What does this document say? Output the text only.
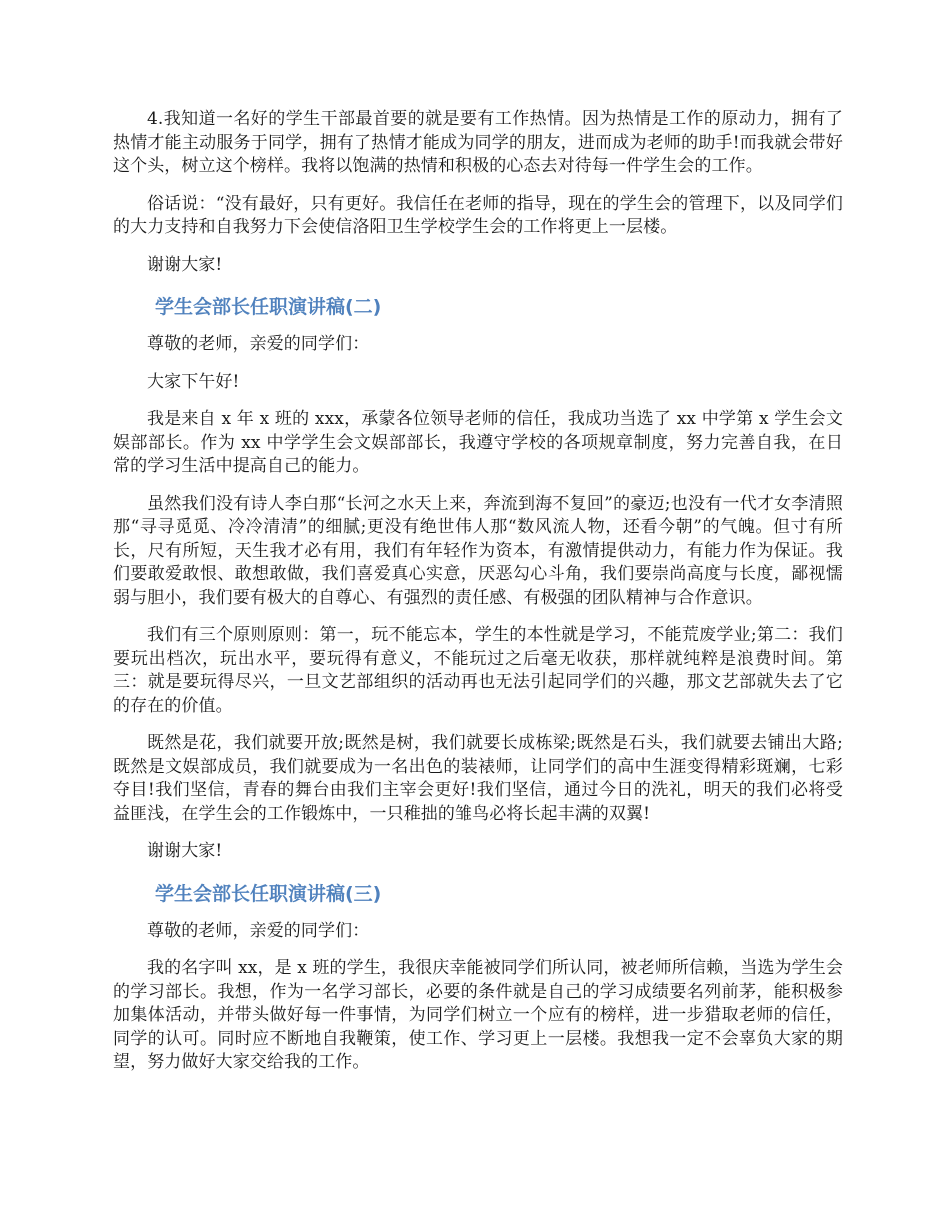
4.我知道一名好的学生干部最首要的就是要有工作热情。因为热情是工作的原动力，拥有了热情才能主动服务于同学，拥有了热情才能成为同学的朋友，进而成为老师的助手!而我就会带好这个头，树立这个榜样。我将以饱满的热情和积极的心态去对待每一件学生会的工作。

俗话说：“没有最好，只有更好。我信任在老师的指导，现在的学生会的管理下，以及同学们的大力支持和自我努力下会使信洛阳卫生学校学生会的工作将更上一层楼。

谢谢大家!

学生会部长任职演讲稿(二)

尊敬的老师，亲爱的同学们：

大家下午好!

我是来自 x 年 x 班的 xxx，承蒙各位领导老师的信任，我成功当选了 xx 中学第 x 学生会文娱部部长。作为 xx 中学学生会文娱部部长，我遵守学校的各项规章制度，努力完善自我，在日常的学习生活中提高自己的能力。

虽然我们没有诗人李白那“长河之水天上来，奔流到海不复回”的豪迈;也没有一代才女李清照那“寻寻觅觅、冷冷清清”的细腻;更没有绝世伟人那“数风流人物，还看今朝”的气魄。但寸有所长，尺有所短，天生我才必有用，我们有年轻作为资本，有激情提供动力，有能力作为保证。我们要敢爱敢恨、敢想敢做，我们喜爱真心实意，厌恶勾心斗角，我们要崇尚高度与长度，鄙视懦弱与胆小，我们要有极大的自尊心、有强烈的责任感、有极强的团队精神与合作意识。

我们有三个原则原则：第一，玩不能忘本，学生的本性就是学习，不能荒废学业;第二：我们要玩出档次，玩出水平，要玩得有意义，不能玩过之后毫无收获，那样就纯粹是浪费时间。第三：就是要玩得尽兴，一旦文艺部组织的活动再也无法引起同学们的兴趣，那文艺部就失去了它的存在的价值。

既然是花，我们就要开放;既然是树，我们就要长成栋梁;既然是石头，我们就要去铺出大路;既然是文娱部成员，我们就要成为一名出色的装裱师，让同学们的高中生涯变得精彩斑斓，七彩夺目!我们坚信，青春的舞台由我们主宰会更好!我们坚信，通过今日的洗礼，明天的我们必将受益匪浅，在学生会的工作锻炼中，一只稚拙的雏鸟必将长起丰满的双翼!

谢谢大家!

学生会部长任职演讲稿(三)

尊敬的老师，亲爱的同学们：

我的名字叫 xx，是 x 班的学生，我很庆幸能被同学们所认同，被老师所信赖，当选为学生会的学习部长。我想，作为一名学习部长，必要的条件就是自己的学习成绩要名列前茅，能积极参加集体活动，并带头做好每一件事情，为同学们树立一个应有的榜样，进一步猎取老师的信任，同学的认可。同时应不断地自我鞭策，使工作、学习更上一层楼。我想我一定不会辜负大家的期望，努力做好大家交给我的工作。
